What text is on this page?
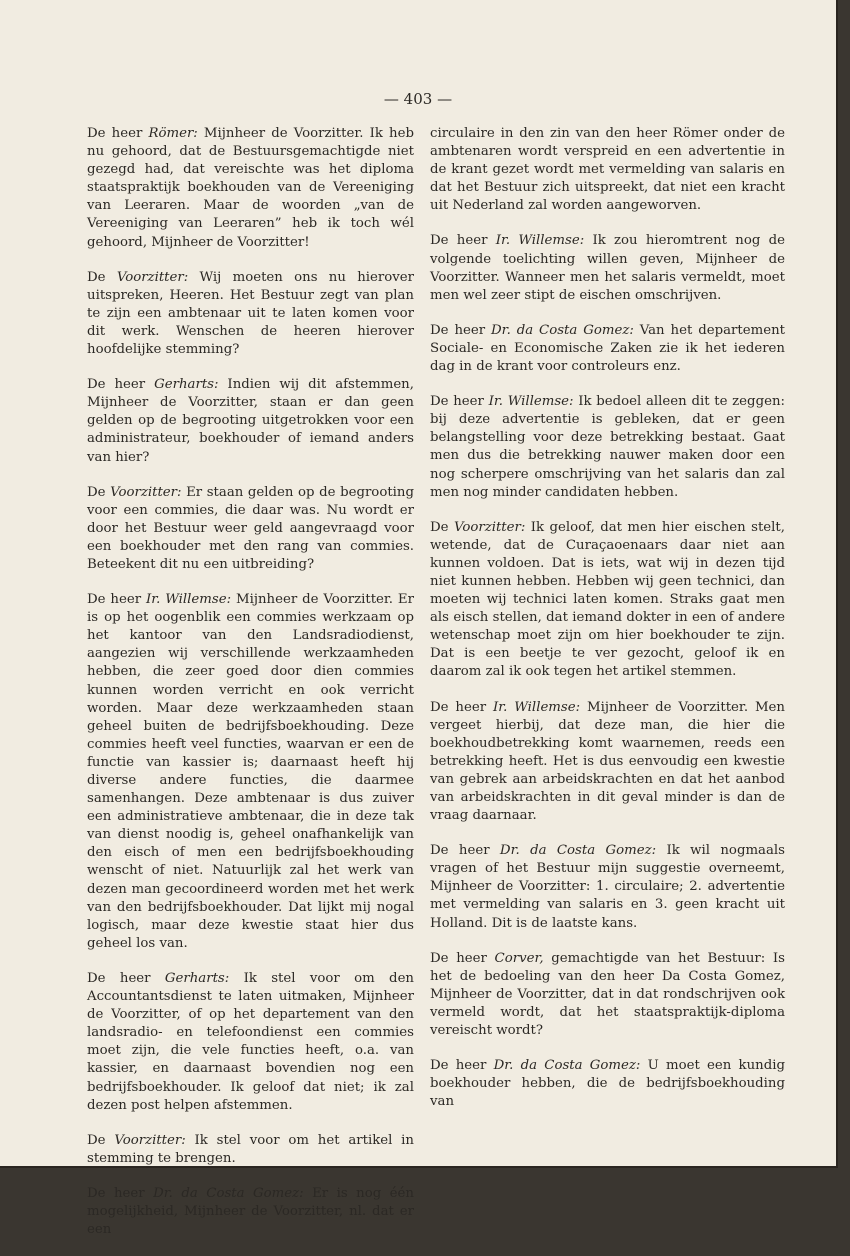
— 403 —

De heer Römer: Mijnheer de Voorzitter. Ik heb nu gehoord, dat de Bestuursgemachtigde niet gezegd had, dat vereischte was het diploma staatspraktijk boekhouden van de Vereeniging van Leeraren. Maar de woorden „van de Vereeniging van Leeraren” heb ik toch wél gehoord, Mijnheer de Voorzitter!

De Voorzitter: Wij moeten ons nu hierover uitspreken, Heeren. Het Bestuur zegt van plan te zijn een ambtenaar uit te laten komen voor dit werk. Wenschen de heeren hierover hoofdelijke stemming?

De heer Gerharts: Indien wij dit afstemmen, Mijnheer de Voorzitter, staan er dan geen gelden op de begrooting uitgetrokken voor een administrateur, boekhouder of iemand anders van hier?

De Voorzitter: Er staan gelden op de begrooting voor een commies, die daar was. Nu wordt er door het Bestuur weer geld aangevraagd voor een boekhouder met den rang van commies. Beteekent dit nu een uitbreiding?

De heer Ir. Willemse: Mijnheer de Voorzitter. Er is op het oogenblik een commies werkzaam op het kantoor van den Landsradiodienst, aangezien wij verschillende werkzaamheden hebben, die zeer goed door dien commies kunnen worden verricht en ook verricht worden. Maar deze werkzaamheden staan geheel buiten de bedrijfsboekhouding. Deze commies heeft veel functies, waarvan er een de functie van kassier is; daarnaast heeft hij diverse andere functies, die daarmee samenhangen. Deze ambtenaar is dus zuiver een administratieve ambtenaar, die in deze tak van dienst noodig is, geheel onafhankelijk van den eisch of men een bedrijfsboekhouding wenscht of niet. Natuurlijk zal het werk van dezen man gecoordineerd worden met het werk van den bedrijfsboekhouder. Dat lijkt mij nogal logisch, maar deze kwestie staat hier dus geheel los van.

De heer Gerharts: Ik stel voor om den Accountantsdienst te laten uitmaken, Mijnheer de Voorzitter, of op het departement van den landsradio- en telefoondienst een commies moet zijn, die vele functies heeft, o.a. van kassier, en daarnaast bovendien nog een bedrijfsboekhouder. Ik geloof dat niet; ik zal dezen post helpen afstemmen.

De Voorzitter: Ik stel voor om het artikel in stemming te brengen.

De heer Dr. da Costa Gomez: Er is nog één mogelijkheid, Mijnheer de Voorzitter, nl. dat er een

circulaire in den zin van den heer Römer onder de ambtenaren wordt verspreid en een advertentie in de krant gezet wordt met vermelding van salaris en dat het Bestuur zich uitspreekt, dat niet een kracht uit Nederland zal worden aangeworven.

De heer Ir. Willemse: Ik zou hieromtrent nog de volgende toelichting willen geven, Mijnheer de Voorzitter. Wanneer men het salaris vermeldt, moet men wel zeer stipt de eischen omschrijven.

De heer Dr. da Costa Gomez: Van het departement Sociale- en Economische Zaken zie ik het iederen dag in de krant voor controleurs enz.

De heer Ir. Willemse: Ik bedoel alleen dit te zeggen: bij deze advertentie is gebleken, dat er geen belangstelling voor deze betrekking bestaat. Gaat men dus die betrekking nauwer maken door een nog scherpere omschrijving van het salaris dan zal men nog minder candidaten hebben.

De Voorzitter: Ik geloof, dat men hier eischen stelt, wetende, dat de Curaçaoenaars daar niet aan kunnen voldoen. Dat is iets, wat wij in dezen tijd niet kunnen hebben. Hebben wij geen technici, dan moeten wij technici laten komen. Straks gaat men als eisch stellen, dat iemand dokter in een of andere wetenschap moet zijn om hier boekhouder te zijn. Dat is een beetje te ver gezocht, geloof ik en daarom zal ik ook tegen het artikel stemmen.

De heer Ir. Willemse: Mijnheer de Voorzitter. Men vergeet hierbij, dat deze man, die hier die boekhoudbetrekking komt waarnemen, reeds een betrekking heeft. Het is dus eenvoudig een kwestie van gebrek aan arbeidskrachten en dat het aanbod van arbeidskrachten in dit geval minder is dan de vraag daarnaar.

De heer Dr. da Costa Gomez: Ik wil nogmaals vragen of het Bestuur mijn suggestie overneemt, Mijnheer de Voorzitter: 1. circulaire; 2. advertentie met vermelding van salaris en 3. geen kracht uit Holland. Dit is de laatste kans.

De heer Corver, gemachtigde van het Bestuur: Is het de bedoeling van den heer Da Costa Gomez, Mijnheer de Voorzitter, dat in dat rondschrijven ook vermeld wordt, dat het staatspraktijk-diploma vereischt wordt?

De heer Dr. da Costa Gomez: U moet een kundig boekhouder hebben, die de bedrijfsboekhouding van
